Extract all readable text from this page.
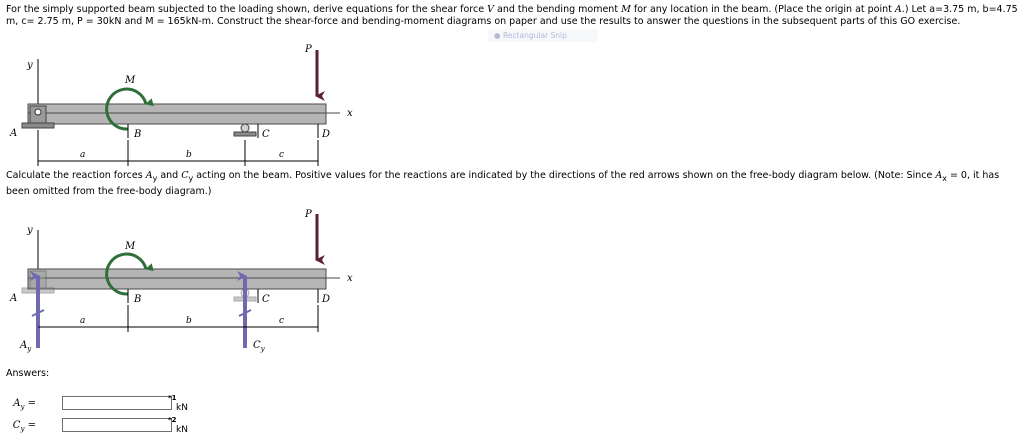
For the simply supported beam subjected to the loading shown, derive equations for the shear force V and the bending moment M for any location in the beam. (Place the origin at point A.) Let a=3.75 m, b=4.75 m, c= 2.75 m, P = 30kN and M = 165kN-m. Construct the shear-force and bending-moment diagrams on paper and use the results to answer the questions in the subsequent parts of this GO exercise.

● Rectangular Snip
y
x
A
M
B	C	D
P
a	b	c

Calculate the reaction forces $A_y$ and $C_y$ acting on the beam. Positive values for the reactions are indicated by the directions of the red arrows shown on the free-body diagram below. (Note: Since $A_x = 0$, it has been omitted from the free-body diagram.)

y
x
A
$A_y$
M
B
$C_y$
C	D
P
a	b	c
Answers:
$A_y$ =	*1
kN
$C_y$ =	*2
kN
